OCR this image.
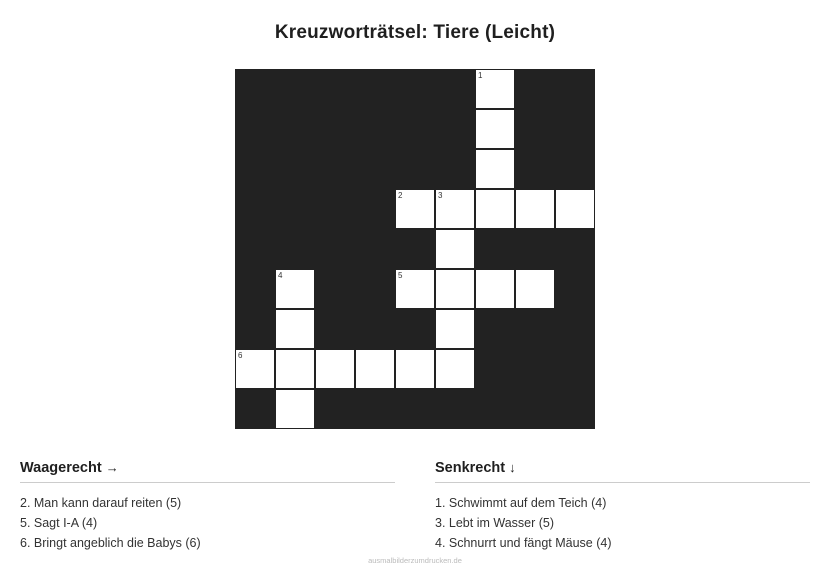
Kreuzworträtsel: Tiere (Leicht)
1
2	3
4	5
6
Waagerecht →
2. Man kann darauf reiten (5)
5. Sagt I-A (4)
6. Bringt angeblich die Babys (6)
Senkrecht ↓
1. Schwimmt auf dem Teich (4)
3. Lebt im Wasser (5)
4. Schnurrt und fängt Mäuse (4)
ausmalbilderzumdrucken.de
